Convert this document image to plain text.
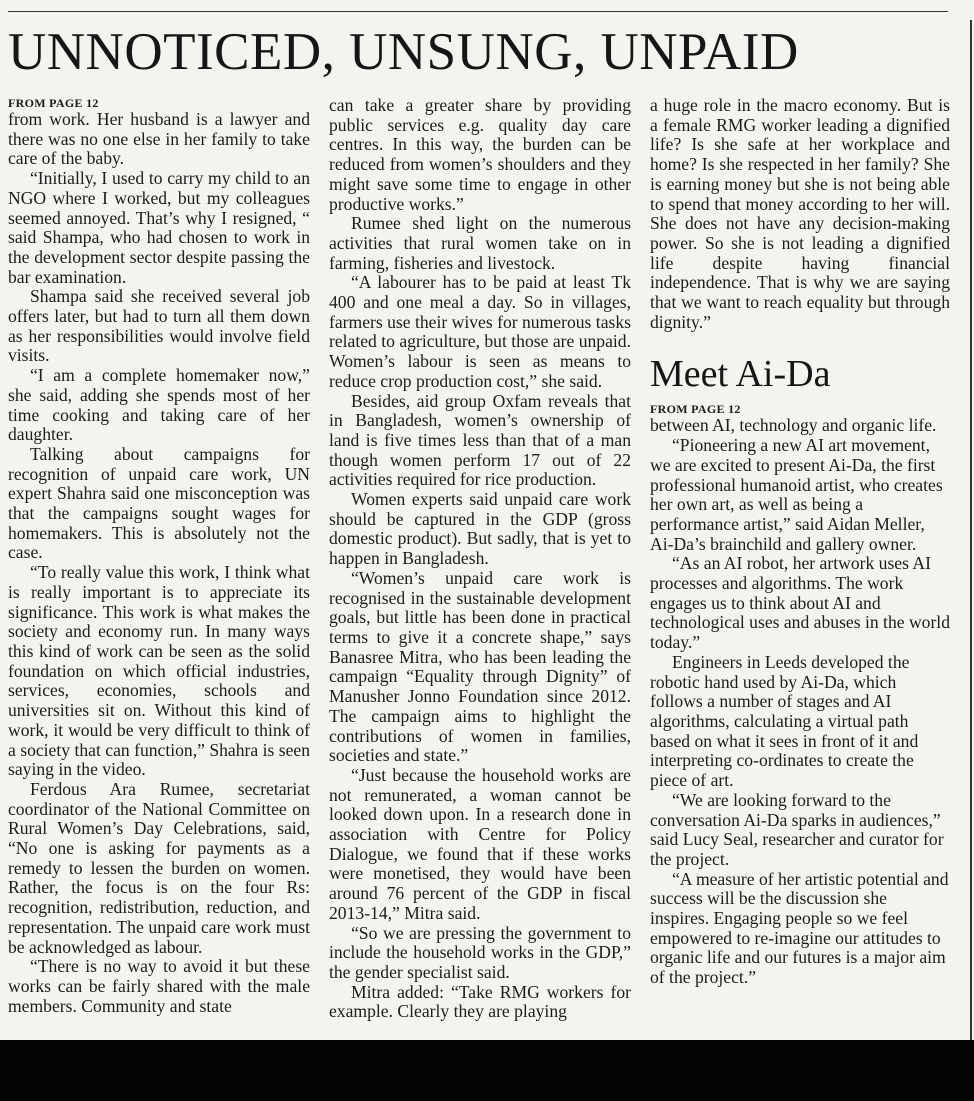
UNNOTICED, UNSUNG, UNPAID

FROM PAGE 12

from work. Her husband is a lawyer and there was no one else in her family to take care of the baby.

“Initially, I used to carry my child to an NGO where I worked, but my colleagues seemed annoyed. That’s why I resigned, “ said Shampa, who had chosen to work in the development sector despite passing the bar examination.

Shampa said she received several job offers later, but had to turn all them down as her responsibilities would involve field visits.

“I am a complete homemaker now,” she said, adding she spends most of her time cooking and taking care of her daughter.

Talking about campaigns for recognition of unpaid care work, UN expert Shahra said one misconception was that the campaigns sought wages for homemakers. This is absolutely not the case.

“To really value this work, I think what is really important is to appreciate its significance. This work is what makes the society and economy run. In many ways this kind of work can be seen as the solid foundation on which official industries, services, economies, schools and universities sit on. Without this kind of work, it would be very difficult to think of a society that can function,” Shahra is seen saying in the video.

Ferdous Ara Rumee, secretariat coordinator of the National Committee on Rural Women’s Day Celebrations, said, “No one is asking for payments as a remedy to lessen the burden on women. Rather, the focus is on the four Rs: recognition, redistribution, reduction, and representation. The unpaid care work must be acknowledged as labour.

“There is no way to avoid it but these works can be fairly shared with the male members. Community and state

can take a greater share by providing public services e.g. quality day care centres. In this way, the burden can be reduced from women’s shoulders and they might save some time to engage in other productive works.”

Rumee shed light on the numerous activities that rural women take on in farming, fisheries and livestock.

“A labourer has to be paid at least Tk 400 and one meal a day. So in villages, farmers use their wives for numerous tasks related to agriculture, but those are unpaid. Women’s labour is seen as means to reduce crop production cost,” she said.

Besides, aid group Oxfam reveals that in Bangladesh, women’s ownership of land is five times less than that of a man though women perform 17 out of 22 activities required for rice production.

Women experts said unpaid care work should be captured in the GDP (gross domestic product). But sadly, that is yet to happen in Bangladesh.

“Women’s unpaid care work is recognised in the sustainable development goals, but little has been done in practical terms to give it a concrete shape,” says Banasree Mitra, who has been leading the campaign “Equality through Dignity” of Manusher Jonno Foundation since 2012. The campaign aims to highlight the contributions of women in families, societies and state.”

“Just because the household works are not remunerated, a woman cannot be looked down upon. In a research done in association with Centre for Policy Dialogue, we found that if these works were monetised, they would have been around 76 percent of the GDP in fiscal 2013-14,” Mitra said.

“So we are pressing the government to include the household works in the GDP,” the gender specialist said.

Mitra added: “Take RMG workers for example. Clearly they are playing

a huge role in the macro economy. But is a female RMG worker leading a dignified life? Is she safe at her workplace and home? Is she respected in her family? She is earning money but she is not being able to spend that money according to her will. She does not have any decision-making power. So she is not leading a dignified life despite having financial independence. That is why we are saying that we want to reach equality but through dignity.”

Meet Ai-Da

FROM PAGE 12

between AI, technology and organic life.

“Pioneering a new AI art movement, we are excited to present Ai-Da, the first professional humanoid artist, who creates her own art, as well as being a performance artist,” said Aidan Meller, Ai-Da’s brainchild and gallery owner.

“As an AI robot, her artwork uses AI processes and algorithms. The work engages us to think about AI and technological uses and abuses in the world today.”

Engineers in Leeds developed the robotic hand used by Ai-Da, which follows a number of stages and AI algorithms, calculating a virtual path based on what it sees in front of it and interpreting co-ordinates to create the piece of art.

“We are looking forward to the conversation Ai-Da sparks in audiences,” said Lucy Seal, researcher and curator for the project.

“A measure of her artistic potential and success will be the discussion she inspires. Engaging people so we feel empowered to re-imagine our attitudes to organic life and our futures is a major aim of the project.”
